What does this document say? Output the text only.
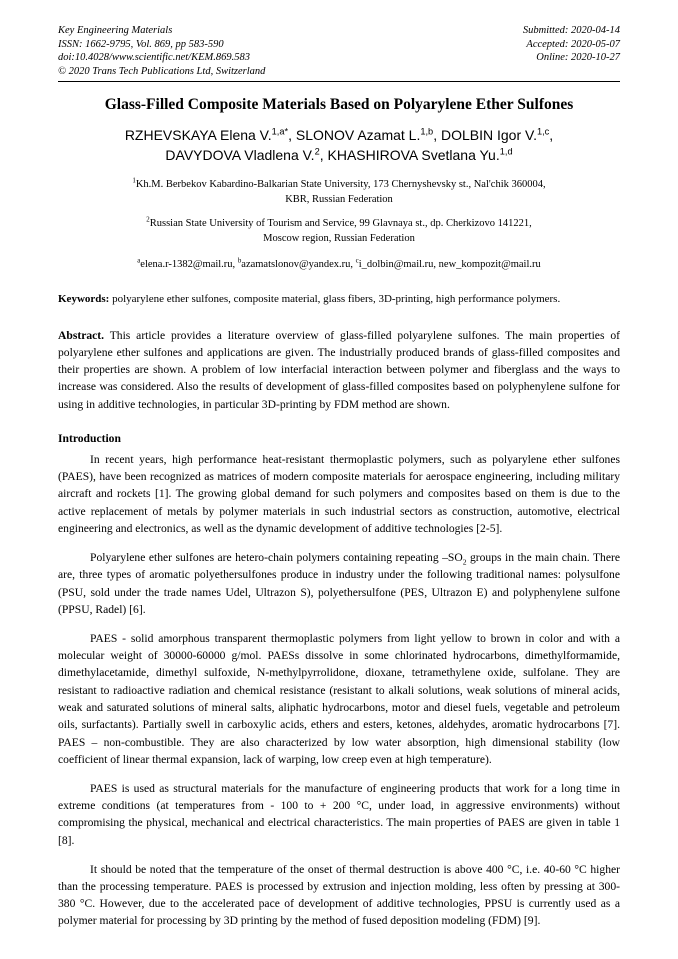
Key Engineering Materials
ISSN: 1662-9795, Vol. 869, pp 583-590
doi:10.4028/www.scientific.net/KEM.869.583
© 2020 Trans Tech Publications Ltd, Switzerland
Submitted: 2020-04-14
Accepted: 2020-05-07
Online: 2020-10-27
Glass-Filled Composite Materials Based on Polyarylene Ether Sulfones
RZHEVSKAYA Elena V.$^{1,a*}$, SLONOV Azamat L.$^{1,b}$, DOLBIN Igor V.$^{1,c}$,
DAVYDOVA Vladlena V.$^2$, KHASHIROVA Svetlana Yu.$^{1,d}$
$^1$Kh.M. Berbekov Kabardino-Balkarian State University, 173 Chernyshevsky st., Nal'chik 360004,
KBR, Russian Federation
$^2$Russian State University of Tourism and Service, 99 Glavnaya st., dp. Cherkizovo 141221,
Moscow region, Russian Federation
$^a$elena.r-1382@mail.ru, $^b$azamatslonov@yandex.ru, $^c$i_dolbin@mail.ru, new_kompozit@mail.ru
Keywords: polyarylene ether sulfones, composite material, glass fibers, 3D-printing, high performance polymers.
Abstract. This article provides a literature overview of glass-filled polyarylene sulfones. The main properties of polyarylene ether sulfones and applications are given. The industrially produced brands of glass-filled composites and their properties are shown. A problem of low interfacial interaction between polymer and fiberglass and the ways to increase was considered. Also the results of development of glass-filled composites based on polyphenylene sulfone for using in additive technologies, in particular 3D-printing by FDM method are shown.
Introduction

In recent years, high performance heat-resistant thermoplastic polymers, such as polyarylene ether sulfones (PAES), have been recognized as matrices of modern composite materials for aerospace engineering, including military aircraft and rockets [1]. The growing global demand for such polymers and composites based on them is due to the active replacement of metals by polymer materials in such industrial sectors as construction, automotive, electrical engineering and electronics, as well as the dynamic development of additive technologies [2-5].

Polyarylene ether sulfones are hetero-chain polymers containing repeating $-SO_2$ groups in the main chain. There are, three types of aromatic polyethersulfones produce in industry under the following traditional names: polysulfone (PSU, sold under the trade names Udel, Ultrazon S), polyethersulfone (PES, Ultrazon E) and polyphenylene sulfone (PPSU, Radel) [6].

PAES - solid amorphous transparent thermoplastic polymers from light yellow to brown in color and with a molecular weight of 30000-60000 g/mol. PAESs dissolve in some chlorinated hydrocarbons, dimethylformamide, dimethylacetamide, dimethyl sulfoxide, N-methylpyrrolidone, dioxane, tetramethylene oxide, sulfolane. They are resistant to radioactive radiation and chemical resistance (resistant to alkali solutions, weak solutions of mineral acids, weak and saturated solutions of mineral salts, aliphatic hydrocarbons, motor and diesel fuels, vegetable and petroleum oils, surfactants). Partially swell in carboxylic acids, ethers and esters, ketones, aldehydes, aromatic hydrocarbons [7]. PAES – non-combustible. They are also characterized by low water absorption, high dimensional stability (low coefficient of linear thermal expansion, lack of warping, low creep even at high temperature).

PAES is used as structural materials for the manufacture of engineering products that work for a long time in extreme conditions (at temperatures from - 100 to + 200 °C, under load, in aggressive environments) without compromising the physical, mechanical and electrical characteristics. The main properties of PAES are given in table 1 [8].

It should be noted that the temperature of the onset of thermal destruction is above 400 °C, i.e. 40-60 °C higher than the processing temperature. PAES is processed by extrusion and injection molding, less often by pressing at 300-380 °C. However, due to the accelerated pace of development of additive technologies, PPSU is currently used as a polymer material for processing by 3D printing by the method of fused deposition modeling (FDM) [9].
